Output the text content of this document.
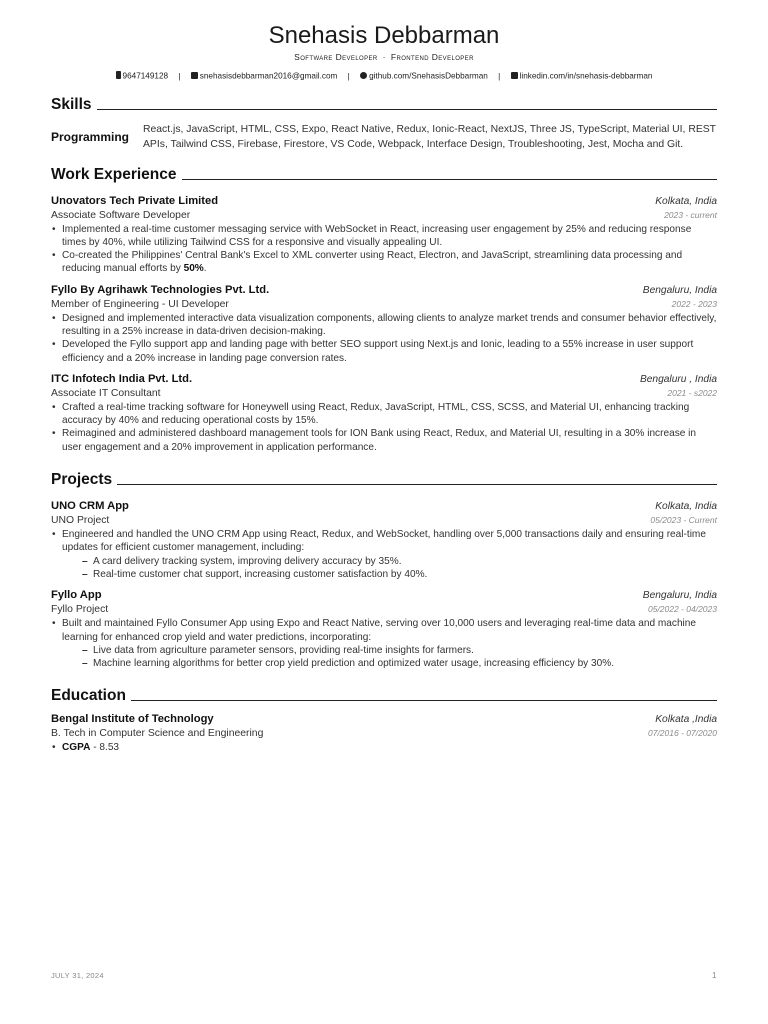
Snehasis Debbarman
Software Developer · Frontend Developer
9647149128 | snehasisdebbarman2016@gmail.com | github.com/SnehasisDebbarman | linkedin.com/in/snehasis-debbarman
Skills
Programming
React.js, JavaScript, HTML, CSS, Expo, React Native, Redux, Ionic-React, NextJS, Three JS, TypeScript, Material UI, REST APIs, Tailwind CSS, Firebase, Firestore, VS Code, Webpack, Interface Design, Troubleshooting, Jest, Mocha and Git.
Work Experience
Unovators Tech Private Limited	Kolkata, India
Associate Software Developer	2023 - current
• Implemented a real-time customer messaging service with WebSocket in React, increasing user engagement by 25% and reducing response times by 40%, while utilizing Tailwind CSS for a responsive and visually appealing UI.
• Co-created the Philippines' Central Bank's Excel to XML converter using React, Electron, and JavaScript, streamlining data processing and reducing manual efforts by 50%.
Fyllo By Agrihawk Technologies Pvt. Ltd.	Bengaluru, India
Member of Engineering - UI Developer	2022 - 2023
• Designed and implemented interactive data visualization components, allowing clients to analyze market trends and consumer behavior effectively, resulting in a 25% increase in data-driven decision-making.
• Developed the Fyllo support app and landing page with better SEO support using Next.js and Ionic, leading to a 55% increase in user support efficiency and a 20% increase in landing page conversion rates.
ITC Infotech India Pvt. Ltd.	Bengaluru , India
Associate IT Consultant	2021 - s2022
• Crafted a real-time tracking software for Honeywell using React, Redux, JavaScript, HTML, CSS, SCSS, and Material UI, enhancing tracking accuracy by 40% and reducing operational costs by 15%.
• Reimagined and administered dashboard management tools for ION Bank using React, Redux, and Material UI, resulting in a 30% increase in user engagement and a 20% improvement in application performance.
Projects
UNO CRM App	Kolkata, India
UNO Project	05/2023 - Current
• Engineered and handled the UNO CRM App using React, Redux, and WebSocket, handling over 5,000 transactions daily and ensuring real-time updates for efficient customer management, including:
– A card delivery tracking system, improving delivery accuracy by 35%.
– Real-time customer chat support, increasing customer satisfaction by 40%.
Fyllo App	Bengaluru, India
Fyllo Project	05/2022 - 04/2023
• Built and maintained Fyllo Consumer App using Expo and React Native, serving over 10,000 users and leveraging real-time data and machine learning for enhanced crop yield and water predictions, incorporating:
– Live data from agriculture parameter sensors, providing real-time insights for farmers.
– Machine learning algorithms for better crop yield prediction and optimized water usage, increasing efficiency by 30%.
Education
Bengal Institute of Technology	Kolkata ,India
B. Tech in Computer Science and Engineering	07/2016 - 07/2020
• CGPA - 8.53
JULY 31, 2024	1
